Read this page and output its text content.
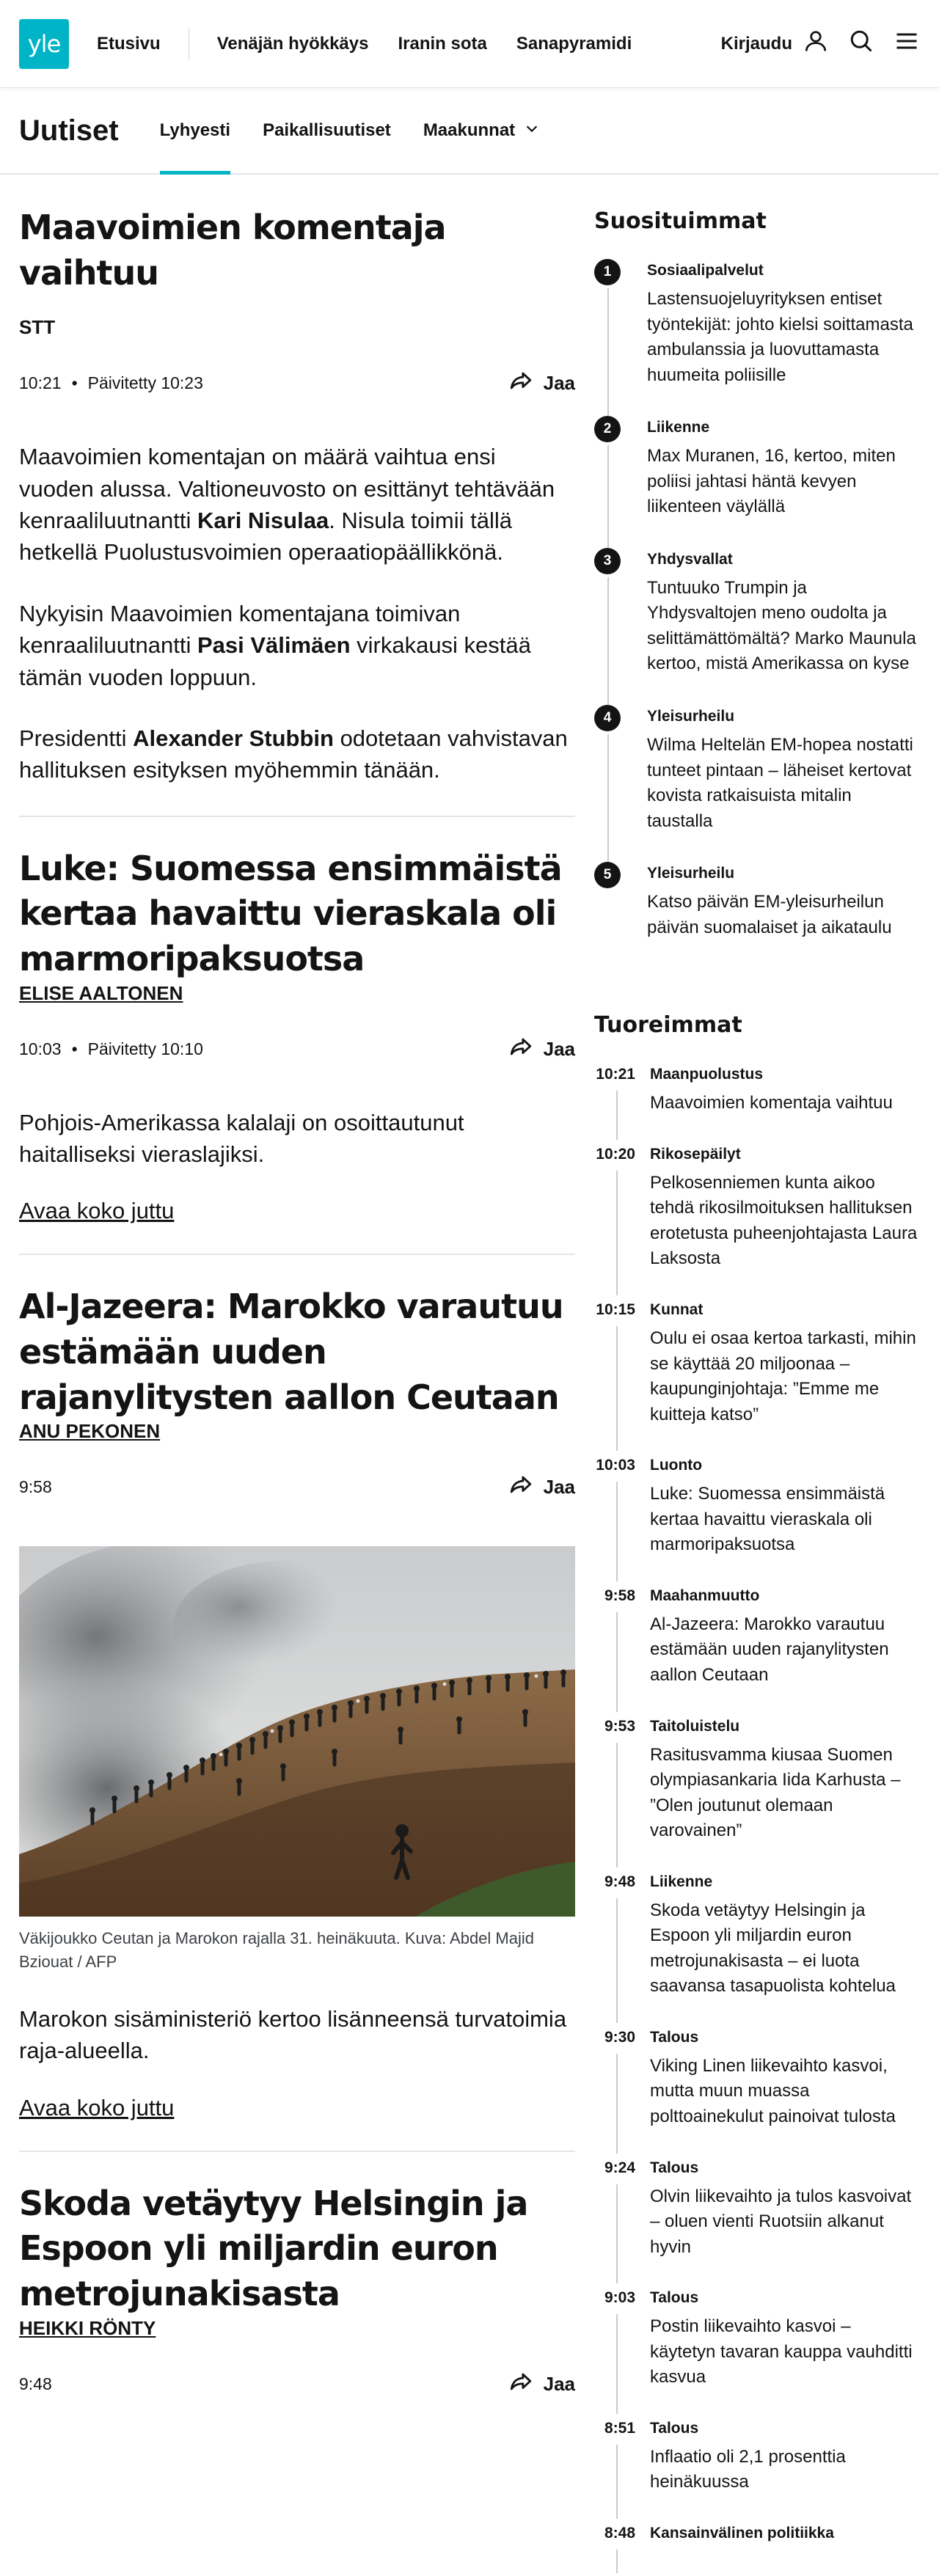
yle	Etusivu	Venäjän hyökkäys Iranin sota Sanapyramidi	Kirjaudu
Uutiset Lyhyesti Paikallisuutiset Maakunnat
Maavoimien komentaja vaihtuu
STT
10:21 • Päivitetty 10:23	Jaa

Maavoimien komentajan on määrä vaihtua ensi vuoden alussa. Valtioneuvosto on esittänyt tehtävään kenraaliluutnantti Kari Nisulaa. Nisula toimii tällä hetkellä Puolustusvoimien operaatiopäällikkönä.

Nykyisin Maavoimien komentajana toimivan kenraaliluutnantti Pasi Välimäen virkakausi kestää tämän vuoden loppuun.

Presidentti Alexander Stubbin odotetaan vahvistavan hallituksen esityksen myöhemmin tänään.

Luke: Suomessa ensimmäistä kertaa havaittu vieraskala oli marmoripaksuotsa
ELISE AALTONEN
10:03 • Päivitetty 10:10	Jaa
Pohjois-Amerikassa kalalaji on osoittautunut haitalliseksi vieraslajiksi.
Avaa koko juttu
Al-Jazeera: Marokko varautuu estämään uuden rajanylitysten aallon Ceutaan
ANU PEKONEN
9:58	Jaa
Väkijoukko Ceutan ja Marokon rajalla 31. heinäkuuta. Kuva: Abdel Majid Bziouat / AFP
Marokon sisäministeriö kertoo lisänneensä turvatoimia raja-alueella.
Avaa koko juttu
Skoda vetäytyy Helsingin ja Espoon yli miljardin euron metrojunakisasta
HEIKKI RÖNTY
9:48	Jaa
Suosituimmat
1	Sosiaalipalvelut
Lastensuojeluyrityksen entiset työntekijät: johto kielsi soittamasta ambulanssia ja luovuttamasta huumeita poliisille
2	Liikenne
Max Muranen, 16, kertoo, miten poliisi jahtasi häntä kevyen liikenteen väylällä
3	Yhdysvallat
Tuntuuko Trumpin ja Yhdysvaltojen meno oudolta ja selittämättömältä? Marko Maunula kertoo, mistä Amerikassa on kyse
4	Yleisurheilu
Wilma Heltelän EM-hopea nostatti tunteet pintaan – läheiset kertovat kovista ratkaisuista mitalin taustalla
5	Yleisurheilu
Katso päivän EM-yleisurheilun päivän suomalaiset ja aikataulu
Tuoreimmat
10:21 Maanpuolustus
Maavoimien komentaja vaihtuu
10:20 Rikosepäilyt
Pelkosenniemen kunta aikoo tehdä rikosilmoituksen hallituksen erotetusta puheenjohtajasta Laura Laksosta
10:15 Kunnat
Oulu ei osaa kertoa tarkasti, mihin se käyttää 20 miljoonaa – kaupunginjohtaja: ”Emme me kuitteja katso”
10:03 Luonto
Luke: Suomessa ensimmäistä kertaa havaittu vieraskala oli marmoripaksuotsa
9:58 Maahanmuutto
Al-Jazeera: Marokko varautuu estämään uuden rajanylitysten aallon Ceutaan
9:53 Taitoluistelu
Rasitusvamma kiusaa Suomen olympiasankaria Iida Karhusta – ”Olen joutunut olemaan varovainen”
9:48 Liikenne
Skoda vetäytyy Helsingin ja Espoon yli miljardin euron metrojunakisasta – ei luota saavansa tasapuolista kohtelua
9:30 Talous
Viking Linen liikevaihto kasvoi, mutta muun muassa polttoainekulut painoivat tulosta
9:24 Talous
Olvin liikevaihto ja tulos kasvoivat – oluen vienti Ruotsiin alkanut hyvin
9:03 Talous
Postin liikevaihto kasvoi – käytetyn tavaran kauppa vauhditti kasvua
8:51 Talous
Inflaatio oli 2,1 prosenttia heinäkuussa
8:48 Kansainvälinen politiikka
